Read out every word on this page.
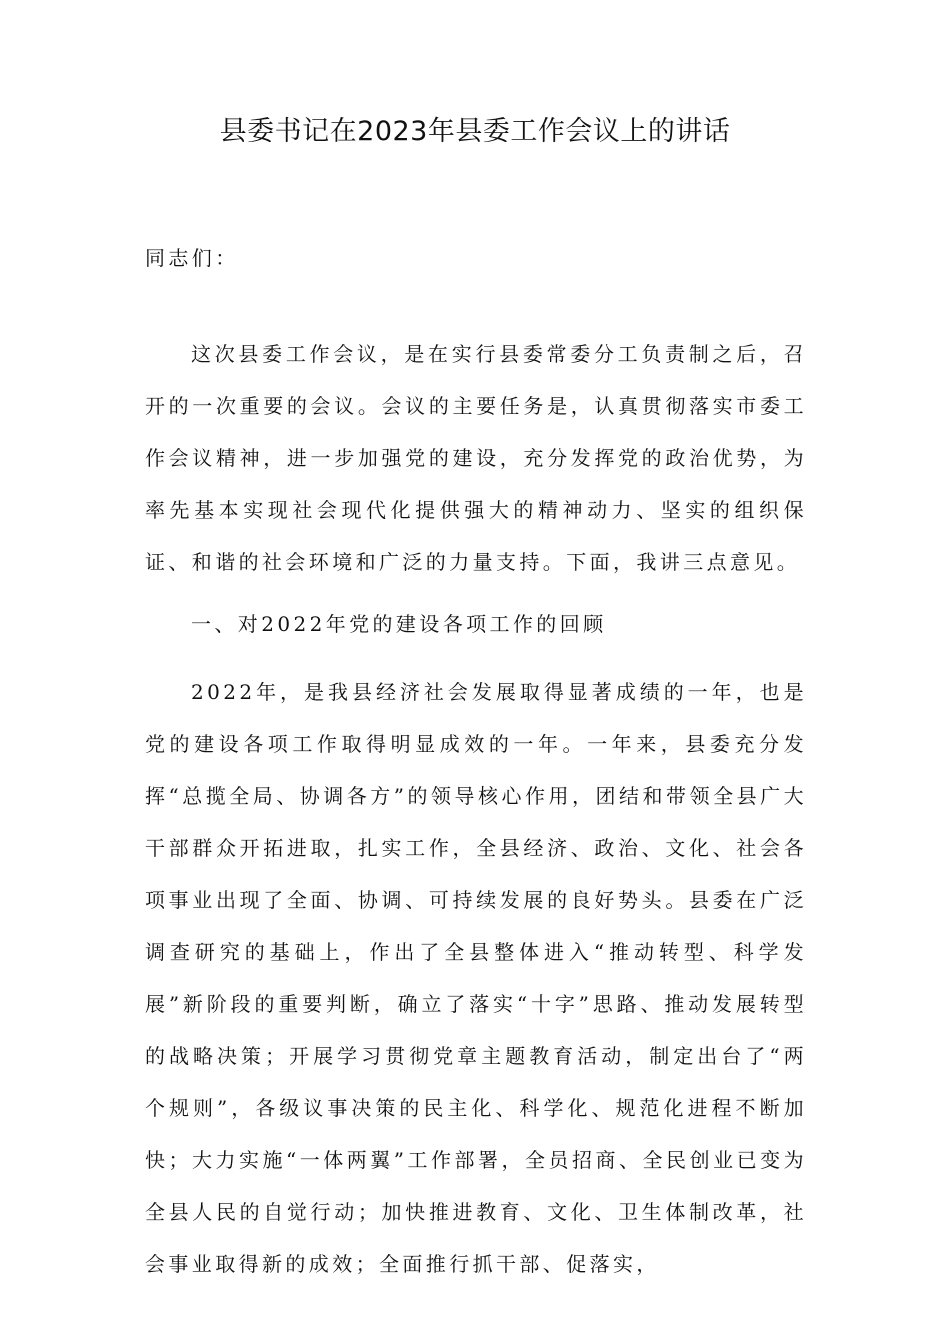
县委书记在2023年县委工作会议上的讲话

同志们：

这次县委工作会议，是在实行县委常委分工负责制之后，召开的一次重要的会议。会议的主要任务是，认真贯彻落实市委工作会议精神，进一步加强党的建设，充分发挥党的政治优势，为率先基本实现社会现代化提供强大的精神动力、坚实的组织保证、和谐的社会环境和广泛的力量支持。下面，我讲三点意见。

一、对2022年党的建设各项工作的回顾

2022年，是我县经济社会发展取得显著成绩的一年，也是党的建设各项工作取得明显成效的一年。一年来，县委充分发挥“总揽全局、协调各方”的领导核心作用，团结和带领全县广大干部群众开拓进取，扎实工作，全县经济、政治、文化、社会各项事业出现了全面、协调、可持续发展的良好势头。县委在广泛调查研究的基础上，作出了全县整体进入“推动转型、科学发展”新阶段的重要判断，确立了落实“十字”思路、推动发展转型的战略决策；开展学习贯彻党章主题教育活动，制定出台了“两个规则”，各级议事决策的民主化、科学化、规范化进程不断加快；大力实施“一体两翼”工作部署，全员招商、全民创业已变为全县人民的自觉行动；加快推进教育、文化、卫生体制改革，社会事业取得新的成效；全面推行抓干部、促落实，
